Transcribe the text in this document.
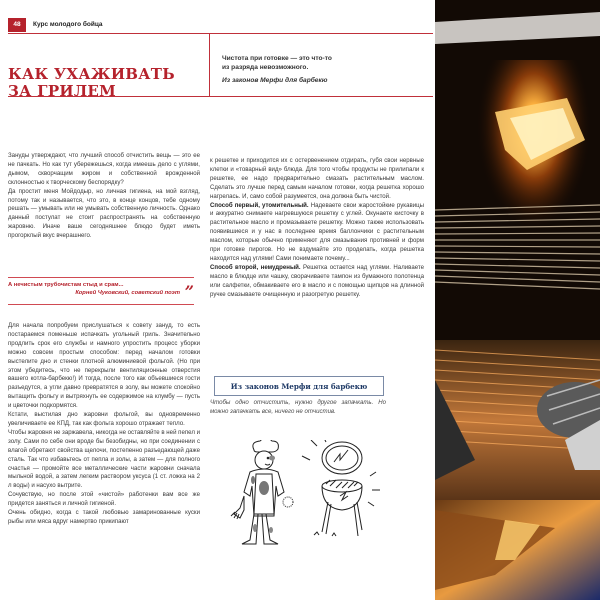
48	Курс молодого бойца
КАК УХАЖИВАТЬ
ЗА ГРИЛЕМ
Чистота при готовке — это что-то
из разряда невозможного.
Из законов Мерфи для барбекю

Зануды утверждают, что лучший способ отчистить вещь — это ее не пачкать. Но как тут убережешься, когда имеешь дело с углями, дымом, скворчащим жиром и собственной врожденной склонностью к творческому беспорядку?

Да простит меня Мойдодыр, но личная гигиена, на мой взгляд, потому так и называется, что это, в конце концов, тебе одному решать — умывать или не умывать собственную личность. Однако данный постулат не стоит распространять на собственную жаровню. Иначе ваше сегодняшнее блюдо будет иметь прогорклый вкус вчерашнего.

А нечистым трубочистам стыд и срам...
Корней Чуковский, советский поэт ”

Для начала попробуем прислушаться к совету зануд, то есть постараемся поменьше испачкать угольный гриль. Значительно продлить срок его службы и намного упростить процесс уборки можно совсем простым способом: перед началом готовки выстелите дно и стенки плотной алюминиевой фольгой. (Но при этом убедитесь, что не перекрыли вентиляционные отверстия вашего котла-барбекю!) И тогда, после того как объевшиеся гости разъедутся, а угли давно превратятся в золу, вы можете спокойно вытащить фольгу и вытряхнуть ее содержимое на клумбу — пусть и цветочки подкормятся.

Кстати, выстилая дно жаровни фольгой, вы одновременно увеличиваете ее КПД, так как фольга хорошо отражает тепло.

Чтобы жаровня не заржавела, никогда не оставляйте в ней пепел и золу. Сами по себе они вроде бы безобидны, но при соединении с влагой обретают свойства щелочи, постепенно разъедающей даже сталь. Так что избавьтесь от пепла и золы, а затем — для полного счастья — промойте все металлические части жаровни сначала мыльной водой, а затем легким раствором уксуса (1 ст. ложка на 2 л воды) и насухо вытрите.

Сочувствую, но после этой «чистой» работенки вам все же придется заняться и личной гигиеной.

Очень обидно, когда с такой любовью замаринованные куски рыбы или мяса вдруг намертво прикипают

к решетке и приходится их с остервенением отдирать, губя свои нервные клетки и «товарный вид» блюда. Для того чтобы продукты не прилипали к решетке, ее надо предварительно смазать растительным маслом. Сделать это лучше перед самым началом готовки, когда решетка хорошо нагрелась. И, само собой разумеется, она должна быть чистой.

Способ первый, утомительный. Надеваете свои жаростойкие рукавицы и аккуратно снимаете нагревшуюся решетку с углей. Окунаете кисточку в растительное масло и промазываете решетку. Можно также использовать появившиеся и у нас в последнее время баллончики с растительным маслом, которые обычно применяют для смазывания противней и форм при готовке пирогов. Но не вздумайте это проделать, когда решетка находится над углями! Сами понимаете почему...

Способ второй, немудреный. Решетка остается над углями. Наливаете масло в блюдце или чашку, сворачиваете тампон из бумажного полотенца или салфетки, обмакиваете его в масло и с помощью щипцов на длинной ручке смазываете очищенную и разогретую решетку.

Из законов Мерфи для барбекю
Чтобы одно отчистить, нужно другое запачкать. Но можно запачкать все, ничего не отчистив.
